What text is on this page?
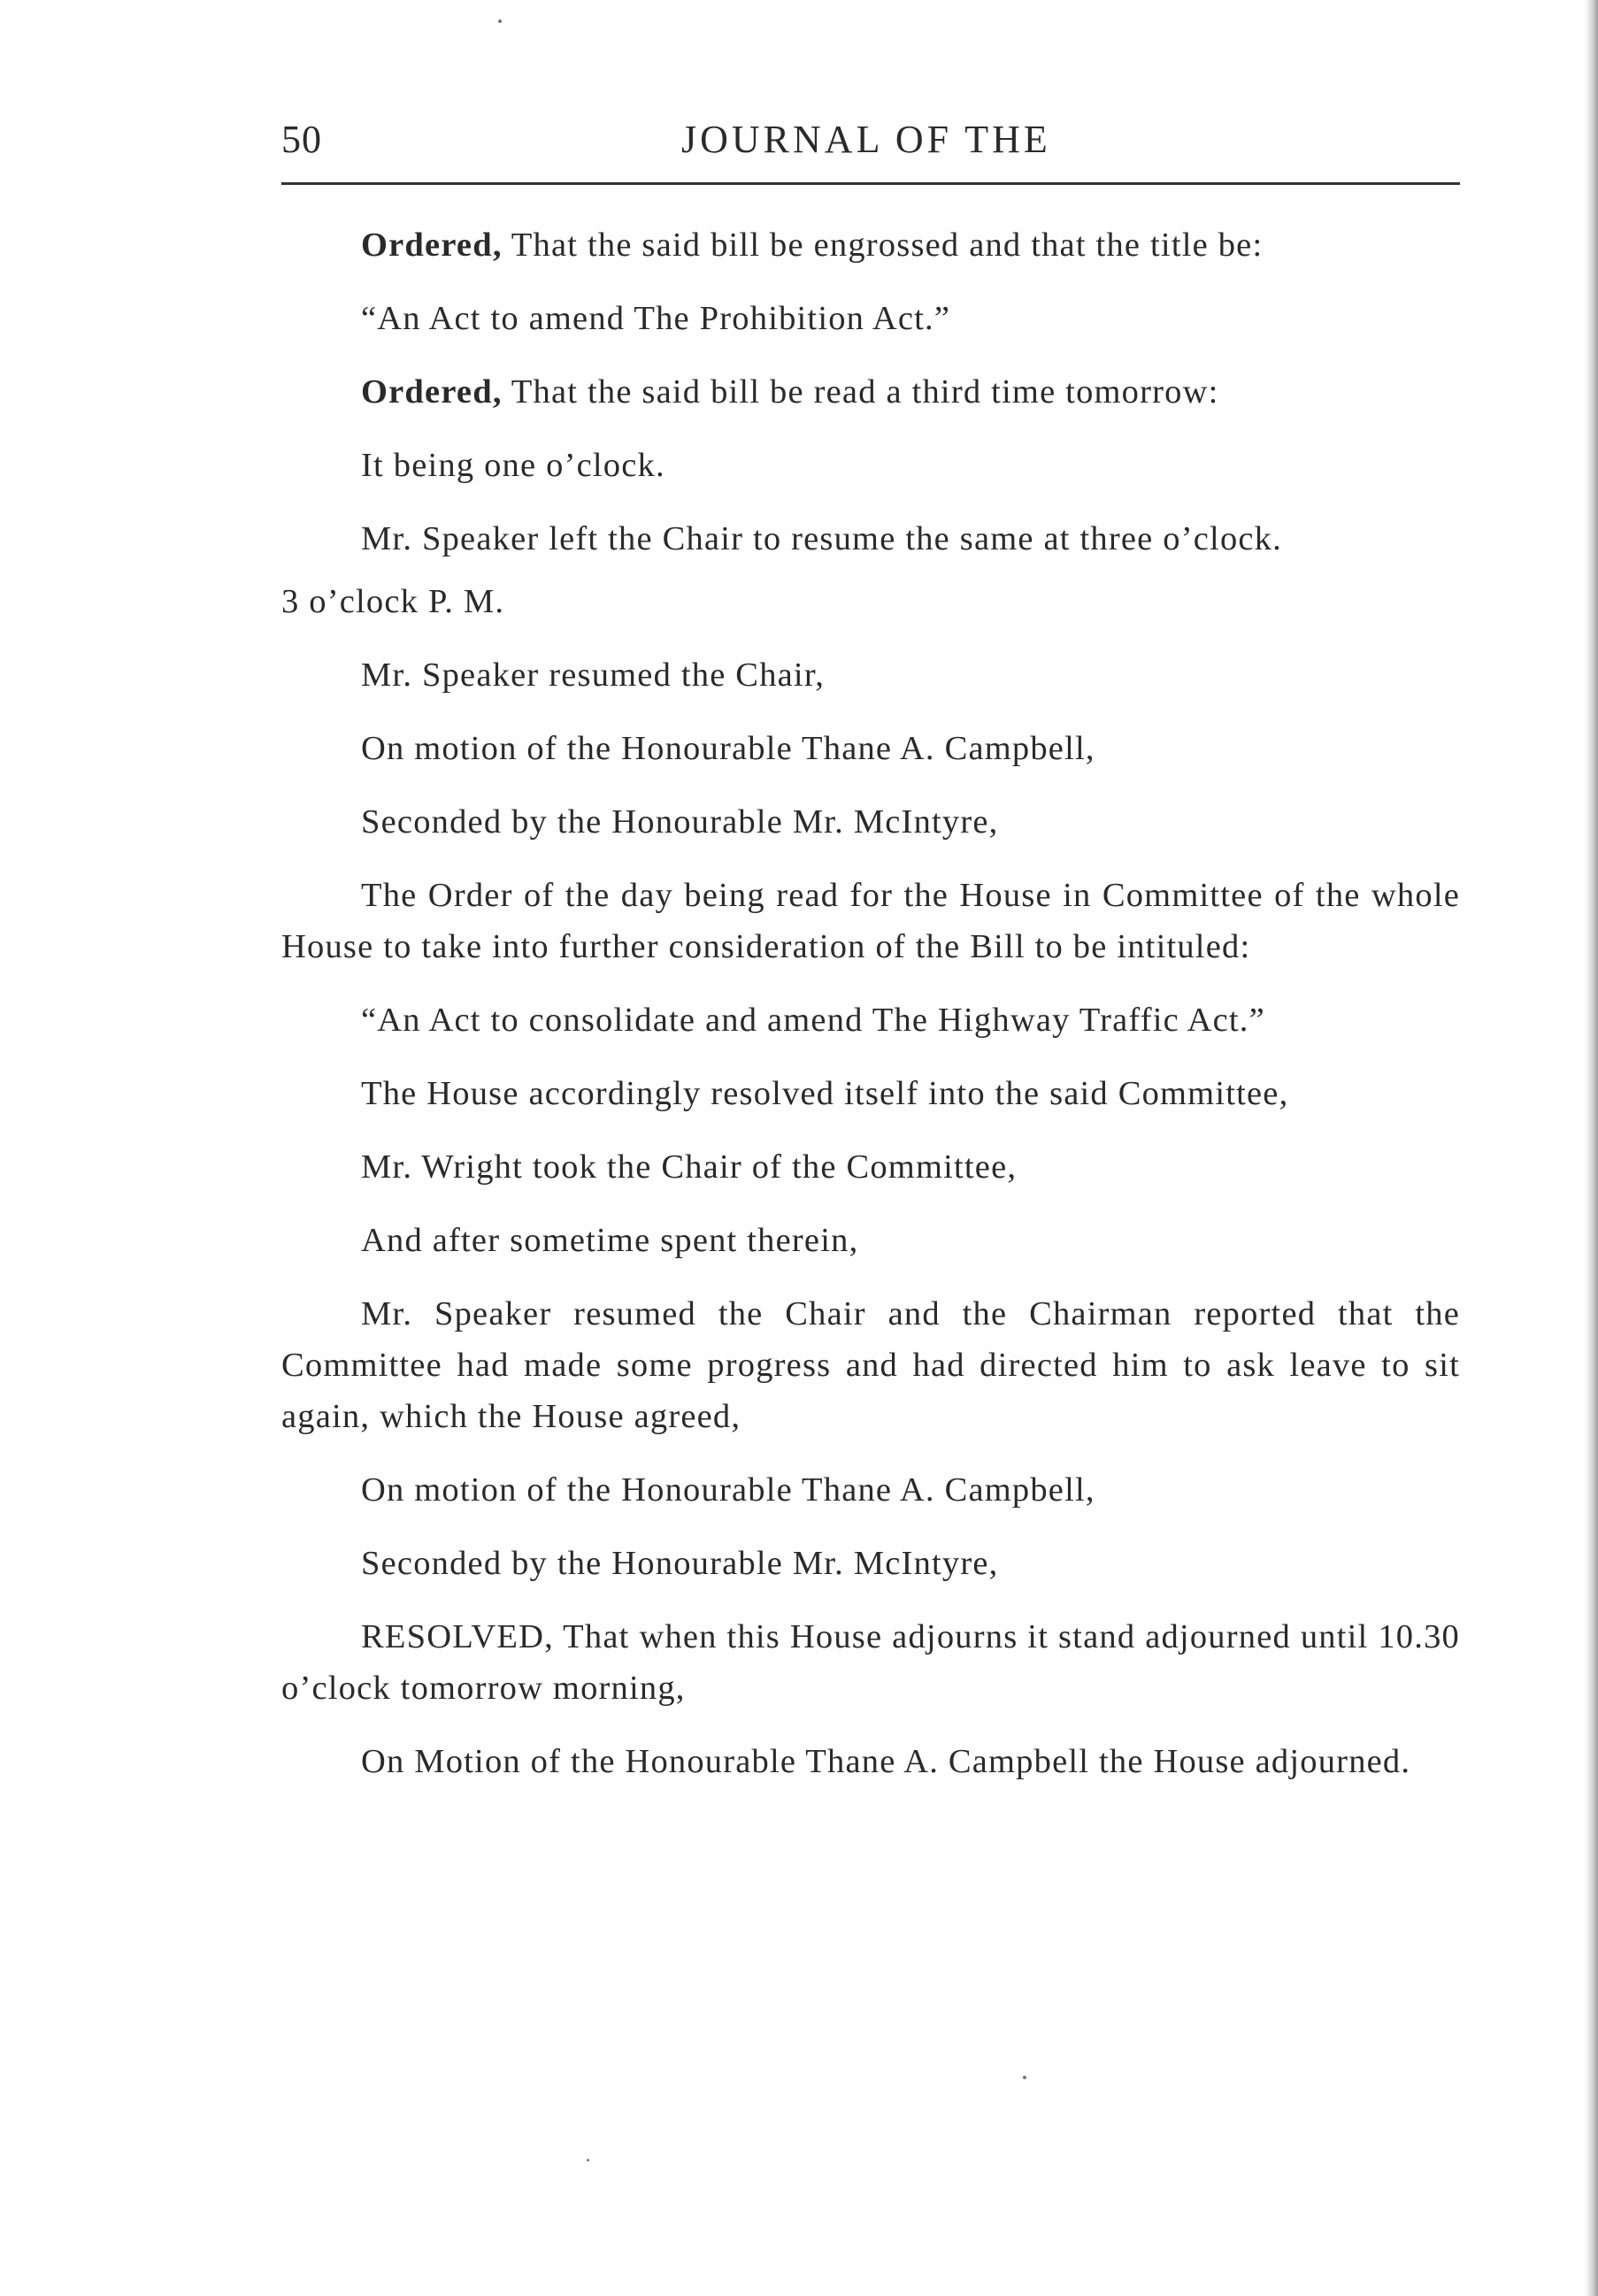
50	JOURNAL OF THE

Ordered, That the said bill be engrossed and that the title be:

“An Act to amend The Prohibition Act.”

Ordered, That the said bill be read a third time tomorrow:

It being one o’clock.

Mr. Speaker left the Chair to resume the same at three o’clock.

3 o’clock P. M.

Mr. Speaker resumed the Chair,

On motion of the Honourable Thane A. Campbell,

Seconded by the Honourable Mr. McIntyre,

The Order of the day being read for the House in Committee of the whole House to take into further consideration of the Bill to be intituled:

“An Act to consolidate and amend The Highway Traffic Act.”

The House accordingly resolved itself into the said Committee,

Mr. Wright took the Chair of the Committee,

And after sometime spent therein,

Mr. Speaker resumed the Chair and the Chairman reported that the Committee had made some progress and had directed him to ask leave to sit again, which the House agreed,

On motion of the Honourable Thane A. Campbell,

Seconded by the Honourable Mr. McIntyre,

RESOLVED, That when this House adjourns it stand adjourned until 10.30 o’clock tomorrow morning,

On Motion of the Honourable Thane A. Campbell the House adjourned.
